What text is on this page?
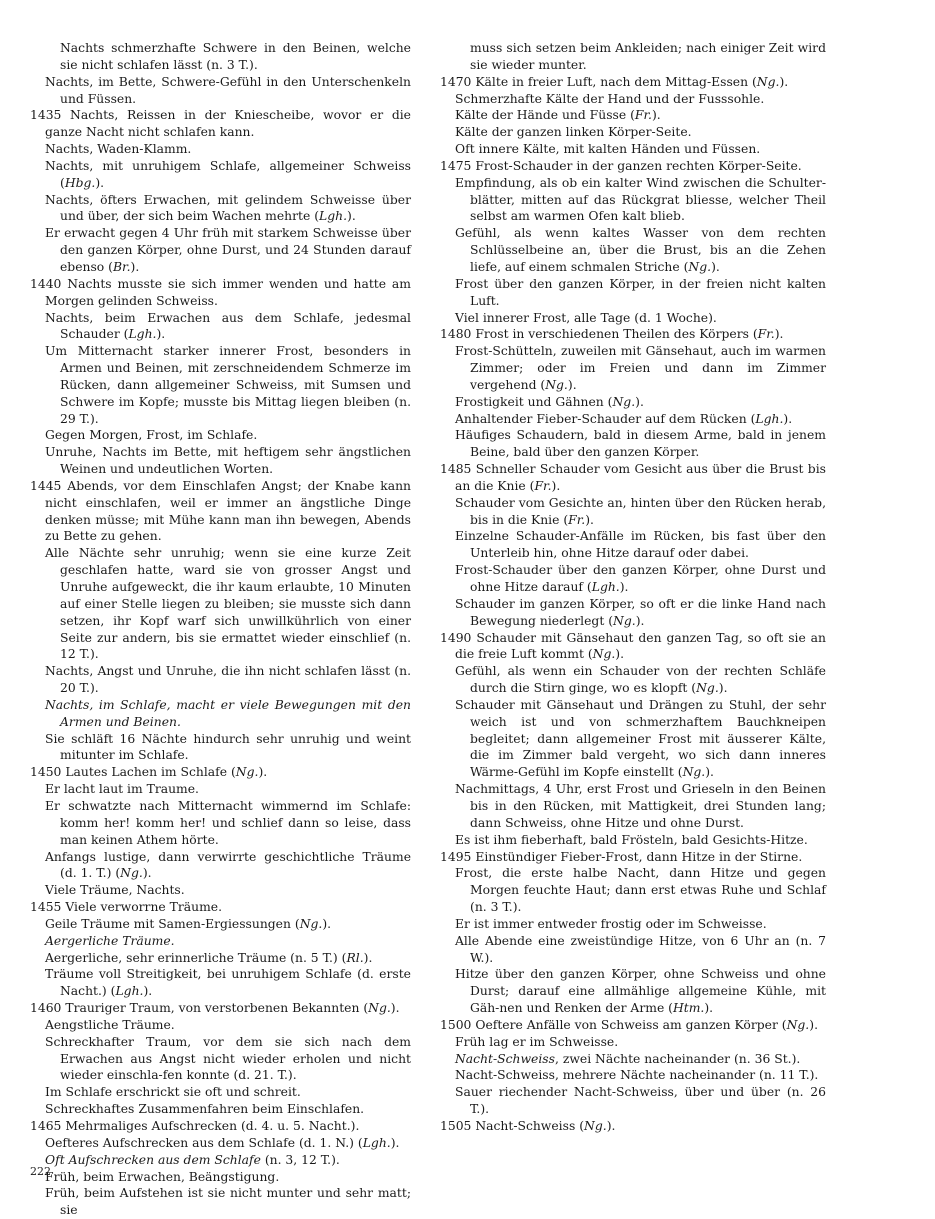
Nachts schmerzhafte Schwere in den Beinen, welche sie nicht schlafen lässt (n. 3 T.).

Nachts, im Bette, Schwere-Gefühl in den Unterschenkeln und Füssen.

1435 Nachts, Reissen in der Kniescheibe, wovor er die ganze Nacht nicht schlafen kann.

Nachts, Waden-Klamm.

Nachts, mit unruhigem Schlafe, allgemeiner Schweiss (Hbg.).

Nachts, öfters Erwachen, mit gelindem Schweisse über und über, der sich beim Wachen mehrte (Lgh.).

Er erwacht gegen 4 Uhr früh mit starkem Schweisse über den ganzen Körper, ohne Durst, und 24 Stunden darauf ebenso (Br.).

1440 Nachts musste sie sich immer wenden und hatte am Morgen gelinden Schweiss.

Nachts, beim Erwachen aus dem Schlafe, jedesmal Schauder (Lgh.).

Um Mitternacht starker innerer Frost, besonders in Armen und Beinen, mit zerschneidendem Schmerze im Rücken, dann allgemeiner Schweiss, mit Sumsen und Schwere im Kopfe; musste bis Mittag liegen bleiben (n. 29 T.).

Gegen Morgen, Frost, im Schlafe.

Unruhe, Nachts im Bette, mit heftigem sehr ängstlichen Weinen und undeutlichen Worten.

1445 Abends, vor dem Einschlafen Angst; der Knabe kann nicht einschlafen, weil er immer an ängstliche Dinge denken müsse; mit Mühe kann man ihn bewegen, Abends zu Bette zu gehen.

Alle Nächte sehr unruhig; wenn sie eine kurze Zeit geschlafen hatte, ward sie von grosser Angst und Unruhe aufgeweckt, die ihr kaum erlaubte, 10 Minuten auf einer Stelle liegen zu bleiben; sie musste sich dann setzen, ihr Kopf warf sich unwillkührlich von einer Seite zur andern, bis sie ermattet wieder einschlief (n. 12 T.).

Nachts, Angst und Unruhe, die ihn nicht schlafen lässt (n. 20 T.).

Nachts, im Schlafe, macht er viele Bewegungen mit den Armen und Beinen.

Sie schläft 16 Nächte hindurch sehr unruhig und weint mitunter im Schlafe.

1450 Lautes Lachen im Schlafe (Ng.).

Er lacht laut im Traume.

Er schwatzte nach Mitternacht wimmernd im Schlafe: komm her! komm her! und schlief dann so leise, dass man keinen Athem hörte.

Anfangs lustige, dann verwirrte geschichtliche Träume (d. 1. T.) (Ng.).

Viele Träume, Nachts.

1455 Viele verworrne Träume.

Geile Träume mit Samen-Ergiessungen (Ng.).

Aergerliche Träume.

Aergerliche, sehr erinnerliche Träume (n. 5 T.) (Rl.).

Träume voll Streitigkeit, bei unruhigem Schlafe (d. erste Nacht.) (Lgh.).

1460 Trauriger Traum, von verstorbenen Bekannten (Ng.).

Aengstliche Träume.

Schreckhafter Traum, vor dem sie sich nach dem Erwachen aus Angst nicht wieder erholen und nicht wieder einschla-fen konnte (d. 21. T.).

Im Schlafe erschrickt sie oft und schreit.

Schreckhaftes Zusammenfahren beim Einschlafen.

1465 Mehrmaliges Aufschrecken (d. 4. u. 5. Nacht.).

Oefteres Aufschrecken aus dem Schlafe (d. 1. N.) (Lgh.).

Oft Aufschrecken aus dem Schlafe (n. 3, 12 T.).

Früh, beim Erwachen, Beängstigung.

Früh, beim Aufstehen ist sie nicht munter und sehr matt; sie

muss sich setzen beim Ankleiden; nach einiger Zeit wird sie wieder munter.

1470 Kälte in freier Luft, nach dem Mittag-Essen (Ng.).

Schmerzhafte Kälte der Hand und der Fusssohle.

Kälte der Hände und Füsse (Fr.).

Kälte der ganzen linken Körper-Seite.

Oft innere Kälte, mit kalten Händen und Füssen.

1475 Frost-Schauder in der ganzen rechten Körper-Seite.

Empfindung, als ob ein kalter Wind zwischen die Schulter-blätter, mitten auf das Rückgrat bliesse, welcher Theil selbst am warmen Ofen kalt blieb.

Gefühl, als wenn kaltes Wasser von dem rechten Schlüsselbeine an, über die Brust, bis an die Zehen liefe, auf einem schmalen Striche (Ng.).

Frost über den ganzen Körper, in der freien nicht kalten Luft.

Viel innerer Frost, alle Tage (d. 1 Woche).

1480 Frost in verschiedenen Theilen des Körpers (Fr.).

Frost-Schütteln, zuweilen mit Gänsehaut, auch im warmen Zimmer; oder im Freien und dann im Zimmer vergehend (Ng.).

Frostigkeit und Gähnen (Ng.).

Anhaltender Fieber-Schauder auf dem Rücken (Lgh.).

Häufiges Schaudern, bald in diesem Arme, bald in jenem Beine, bald über den ganzen Körper.

1485 Schneller Schauder vom Gesicht aus über die Brust bis an die Knie (Fr.).

Schauder vom Gesichte an, hinten über den Rücken herab, bis in die Knie (Fr.).

Einzelne Schauder-Anfälle im Rücken, bis fast über den Unterleib hin, ohne Hitze darauf oder dabei.

Frost-Schauder über den ganzen Körper, ohne Durst und ohne Hitze darauf (Lgh.).

Schauder im ganzen Körper, so oft er die linke Hand nach Bewegung niederlegt (Ng.).

1490 Schauder mit Gänsehaut den ganzen Tag, so oft sie an die freie Luft kommt (Ng.).

Gefühl, als wenn ein Schauder von der rechten Schläfe durch die Stirn ginge, wo es klopft (Ng.).

Schauder mit Gänsehaut und Drängen zu Stuhl, der sehr weich ist und von schmerzhaftem Bauchkneipen begleitet; dann allgemeiner Frost mit äusserer Kälte, die im Zimmer bald vergeht, wo sich dann inneres Wärme-Gefühl im Kopfe einstellt (Ng.).

Nachmittags, 4 Uhr, erst Frost und Grieseln in den Beinen bis in den Rücken, mit Mattigkeit, drei Stunden lang; dann Schweiss, ohne Hitze und ohne Durst.

Es ist ihm fieberhaft, bald Frösteln, bald Gesichts-Hitze.

1495 Einstündiger Fieber-Frost, dann Hitze in der Stirne.

Frost, die erste halbe Nacht, dann Hitze und gegen Morgen feuchte Haut; dann erst etwas Ruhe und Schlaf (n. 3 T.).

Er ist immer entweder frostig oder im Schweisse.

Alle Abende eine zweistündige Hitze, von 6 Uhr an (n. 7 W.).

Hitze über den ganzen Körper, ohne Schweiss und ohne Durst; darauf eine allmählige allgemeine Kühle, mit Gäh-nen und Renken der Arme (Htm.).

1500 Oeftere Anfälle von Schweiss am ganzen Körper (Ng.).

Früh lag er im Schweisse.

Nacht-Schweiss, zwei Nächte nacheinander (n. 36 St.).

Nacht-Schweiss, mehrere Nächte nacheinander (n. 11 T.).

Sauer riechender Nacht-Schweiss, über und über (n. 26 T.).

1505 Nacht-Schweiss (Ng.).

222
